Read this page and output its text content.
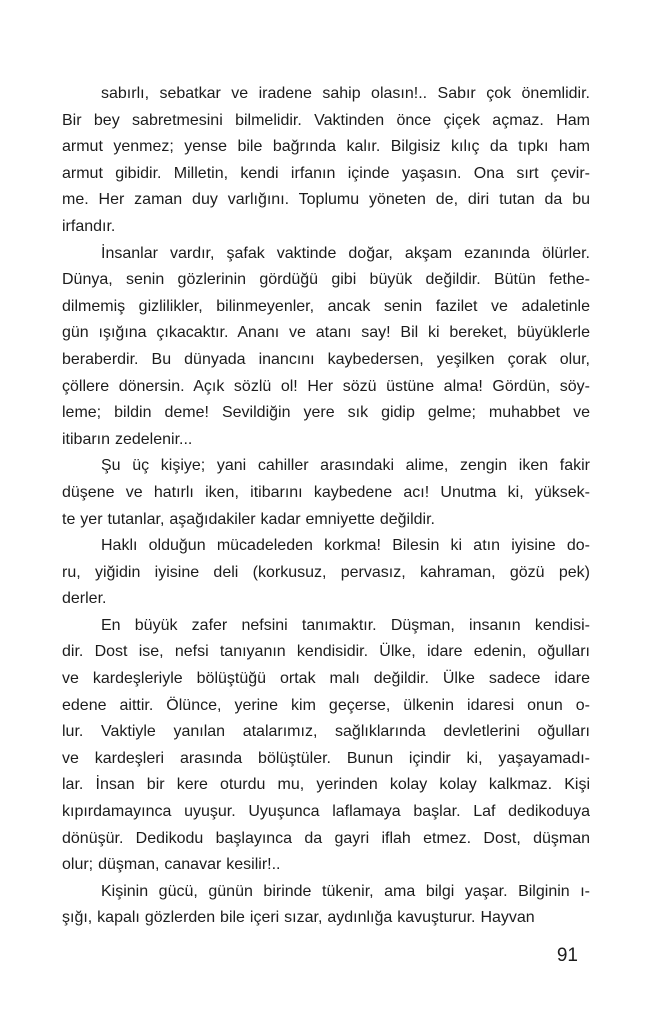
sabırlı, sebatkar ve iradene sahip olasın!.. Sabır çok önemlidir.
Bir bey sabretmesini bilmelidir. Vaktinden önce çiçek açmaz. Ham
armut yenmez; yense bile bağrında kalır. Bilgisiz kılıç da tıpkı ham
armut gibidir. Milletin, kendi irfanın içinde yaşasın. Ona sırt çevir-
me. Her zaman duy varlığını. Toplumu yöneten de, diri tutan da bu
irfandır.
İnsanlar vardır, şafak vaktinde doğar, akşam ezanında ölürler.
Dünya, senin gözlerinin gördüğü gibi büyük değildir. Bütün fethe-
dilmemiş gizlilikler, bilinmeyenler, ancak senin fazilet ve adaletinle
gün ışığına çıkacaktır. Ananı ve atanı say! Bil ki bereket, büyüklerle
beraberdir. Bu dünyada inancını kaybedersen, yeşilken çorak olur,
çöllere dönersin. Açık sözlü ol! Her sözü üstüne alma! Gördün, söy-
leme; bildin deme! Sevildiğin yere sık gidip gelme; muhabbet ve
itibarın zedelenir...
Şu üç kişiye; yani cahiller arasındaki alime, zengin iken fakir
düşene ve hatırlı iken, itibarını kaybedene acı! Unutma ki, yüksek-
te yer tutanlar, aşağıdakiler kadar emniyette değildir.
Haklı olduğun mücadeleden korkma! Bilesin ki atın iyisine do-
ru, yiğidin iyisine deli (korkusuz, pervasız, kahraman, gözü pek)
derler.
En büyük zafer nefsini tanımaktır. Düşman, insanın kendisi-
dir. Dost ise, nefsi tanıyanın kendisidir. Ülke, idare edenin, oğulları
ve kardeşleriyle bölüştüğü ortak malı değildir. Ülke sadece idare
edene aittir. Ölünce, yerine kim geçerse, ülkenin idaresi onun o-
lur. Vaktiyle yanılan atalarımız, sağlıklarında devletlerini oğulları
ve kardeşleri arasında bölüştüler. Bunun içindir ki, yaşayamadı-
lar. İnsan bir kere oturdu mu, yerinden kolay kolay kalkmaz. Kişi
kıpırdamayınca uyuşur. Uyuşunca laflamaya başlar. Laf dedikoduya
dönüşür. Dedikodu başlayınca da gayri iflah etmez. Dost, düşman
olur; düşman, canavar kesilir!..
Kişinin gücü, günün birinde tükenir, ama bilgi yaşar. Bilginin ı-
şığı, kapalı gözlerden bile içeri sızar, aydınlığa kavuşturur. Hayvan
91
